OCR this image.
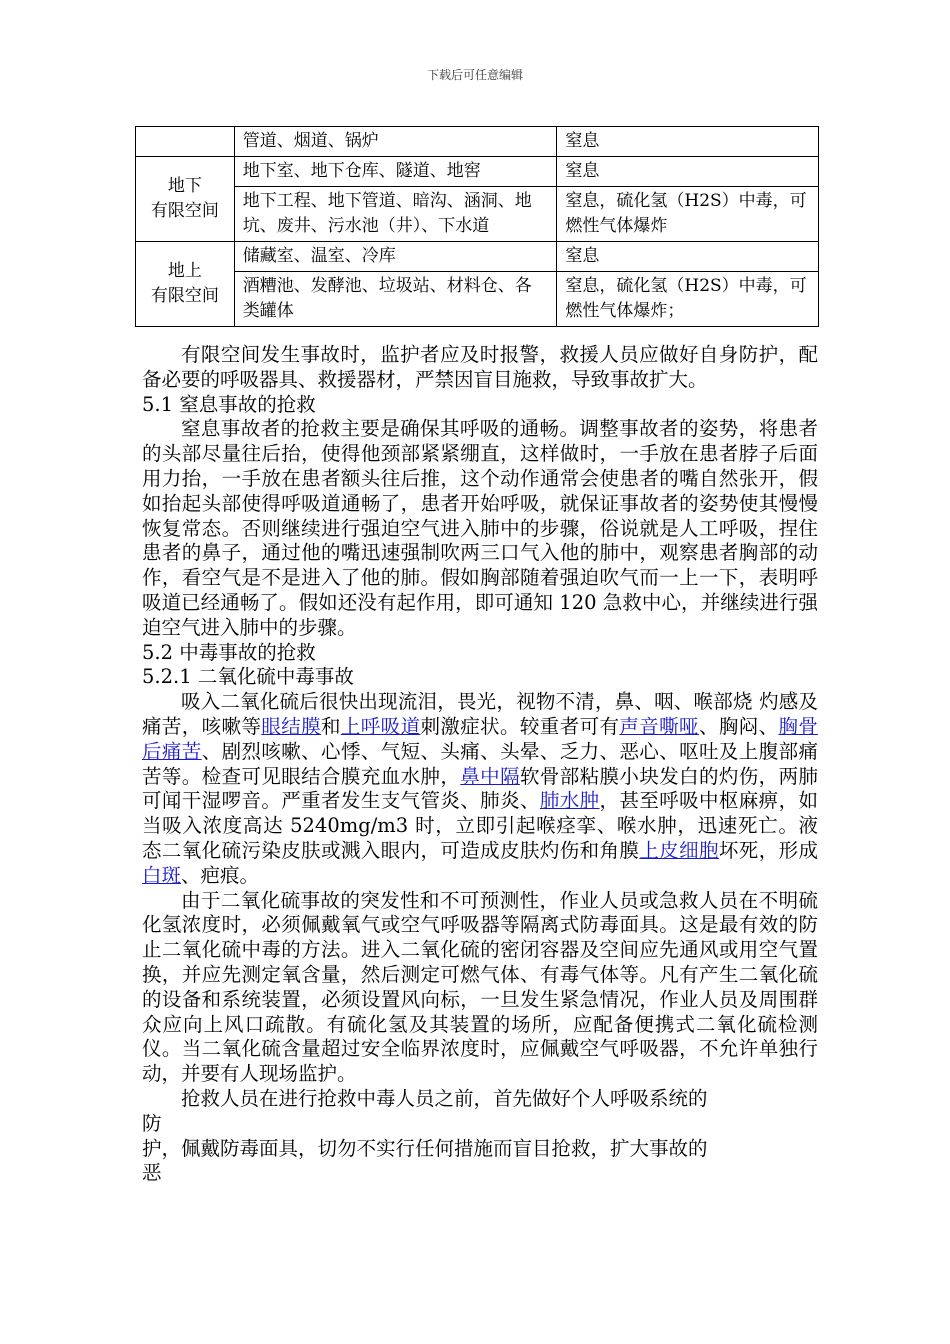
下载后可任意编辑
	管道、烟道、锅炉	窒息
地下
有限空间	地下室、地下仓库、隧道、地窖	窒息
	地下工程、地下管道、暗沟、涵洞、地坑、废井、污水池（井）、下水道	窒息，硫化氢（H2S）中毒，可燃性气体爆炸
地上
有限空间	储藏室、温室、冷库	窒息
	酒糟池、发酵池、垃圾站、材料仓、各类罐体	窒息，硫化氢（H2S）中毒，可燃性气体爆炸；

有限空间发生事故时，监护者应及时报警，救援人员应做好自身防护，配备必要的呼吸器具、救援器材，严禁因盲目施救，导致事故扩大。

5.1 窒息事故的抢救

窒息事故者的抢救主要是确保其呼吸的通畅。调整事故者的姿势，将患者的头部尽量往后抬，使得他颈部紧紧绷直，这样做时，一手放在患者脖子后面用力抬，一手放在患者额头往后推，这个动作通常会使患者的嘴自然张开，假如抬起头部使得呼吸道通畅了，患者开始呼吸，就保证事故者的姿势使其慢慢恢复常态。否则继续进行强迫空气进入肺中的步骤，俗说就是人工呼吸，捏住患者的鼻子，通过他的嘴迅速强制吹两三口气入他的肺中，观察患者胸部的动作，看空气是不是进入了他的肺。假如胸部随着强迫吹气而一上一下，表明呼吸道已经通畅了。假如还没有起作用，即可通知 120 急救中心，并继续进行强迫空气进入肺中的步骤。

5.2 中毒事故的抢救

5.2.1 二氧化硫中毒事故

吸入二氧化硫后很快出现流泪，畏光，视物不清，鼻、咽、喉部烧 灼感及痛苦，咳嗽等眼结膜和上呼吸道刺激症状。较重者可有声音嘶哑、胸闷、胸骨后痛苦、剧烈咳嗽、心悸、气短、头痛、头晕、乏力、恶心、呕吐及上腹部痛苦等。检查可见眼结合膜充血水肿，鼻中隔软骨部粘膜小块发白的灼伤，两肺可闻干湿啰音。严重者发生支气管炎、肺炎、肺水肿，甚至呼吸中枢麻痹，如当吸入浓度高达 5240mg/m3 时，立即引起喉痉挛、喉水肿，迅速死亡。液态二氧化硫污染皮肤或溅入眼内，可造成皮肤灼伤和角膜上皮细胞坏死，形成白斑、疤痕。

由于二氧化硫事故的突发性和不可预测性，作业人员或急救人员在不明硫化氢浓度时，必须佩戴氧气或空气呼吸器等隔离式防毒面具。这是最有效的防止二氧化硫中毒的方法。进入二氧化硫的密闭容器及空间应先通风或用空气置换，并应先测定氧含量，然后测定可燃气体、有毒气体等。凡有产生二氧化硫的设备和系统装置，必须设置风向标，一旦发生紧急情况，作业人员及周围群众应向上风口疏散。有硫化氢及其装置的场所，应配备便携式二氧化硫检测仪。当二氧化硫含量超过安全临界浓度时，应佩戴空气呼吸器，不允许单独行动，并要有人现场监护。

抢救人员在进行抢救中毒人员之前，首先做好个人呼吸系统的

防

护，佩戴防毒面具，切勿不实行任何措施而盲目抢救，扩大事故的

恶
